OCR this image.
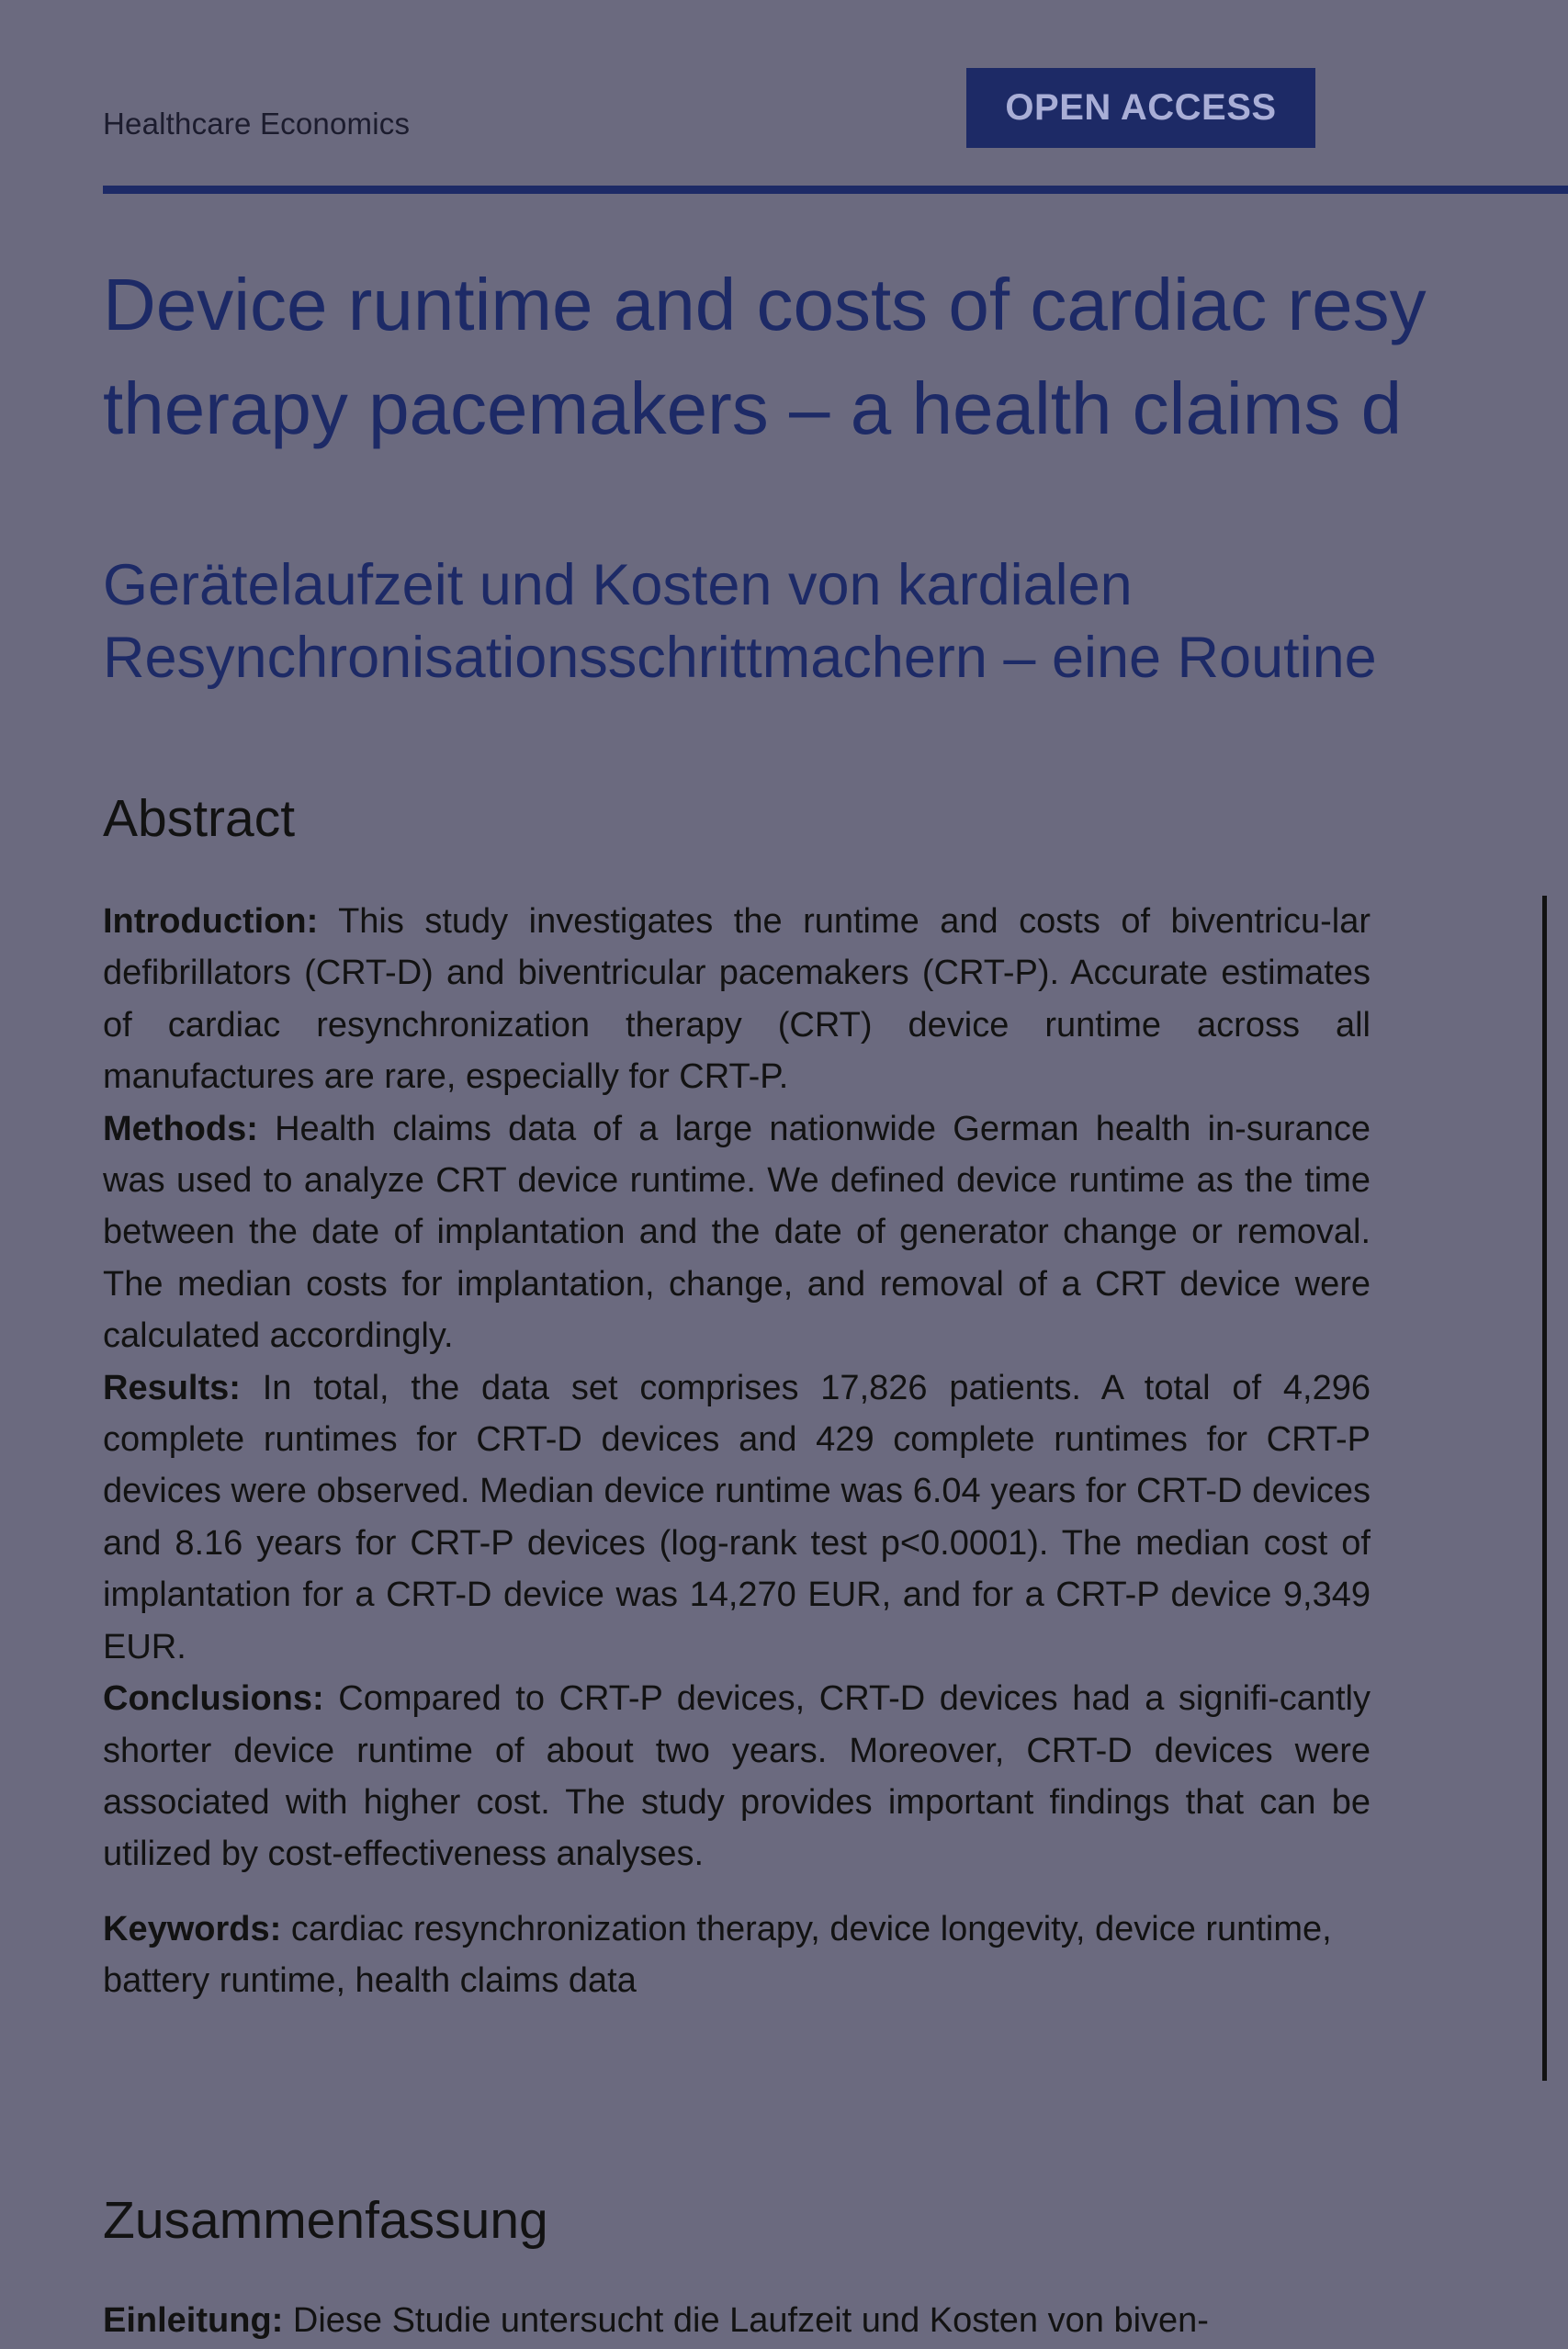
Healthcare Economics	OPEN ACCESS
Device runtime and costs of cardiac resy
therapy pacemakers – a health claims d
Gerätelaufzeit und Kosten von kardialen
Resynchronisationsschrittmachern – eine Routine
Abstract

Introduction: This study investigates the runtime and costs of biventricu-lar defibrillators (CRT-D) and biventricular pacemakers (CRT-P). Accurate estimates of cardiac resynchronization therapy (CRT) device runtime across all manufactures are rare, especially for CRT-P.

Methods: Health claims data of a large nationwide German health in-surance was used to analyze CRT device runtime. We defined device runtime as the time between the date of implantation and the date of generator change or removal. The median costs for implantation, change, and removal of a CRT device were calculated accordingly.

Results: In total, the data set comprises 17,826 patients. A total of 4,296 complete runtimes for CRT-D devices and 429 complete runtimes for CRT-P devices were observed. Median device runtime was 6.04 years for CRT-D devices and 8.16 years for CRT-P devices (log-rank test p<0.0001). The median cost of implantation for a CRT-D device was 14,270 EUR, and for a CRT-P device 9,349 EUR.

Conclusions: Compared to CRT-P devices, CRT-D devices had a signifi-cantly shorter device runtime of about two years. Moreover, CRT-D devices were associated with higher cost. The study provides important findings that can be utilized by cost-effectiveness analyses.

Keywords: cardiac resynchronization therapy, device longevity, device runtime, battery runtime, health claims data
Zusammenfassung
Einleitung: Diese Studie untersucht die Laufzeit und Kosten von biven-
